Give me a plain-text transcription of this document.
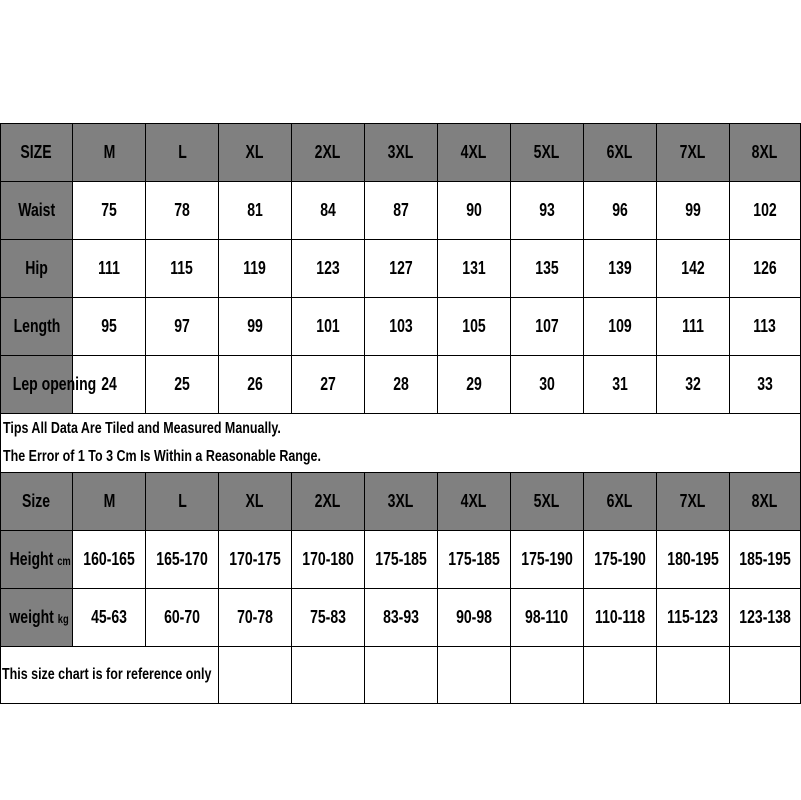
SIZE	M	L	XL	2XL	3XL	4XL	5XL	6XL	7XL	8XL
Waist	75	78	81	84	87	90	93	96	99	102
Hip	111	115	119	123	127	131	135	139	142	126
Length	95	97	99	101	103	105	107	109	111	113
Lep opening	24	25	26	27	28	29	30	31	32	33

Tips All Data Are Tiled and Measured Manually.
The Error of 1 To 3 Cm Is Within a Reasonable Range.										

Size	M	L	XL	2XL	3XL	4XL	5XL	6XL	7XL	8XL
Height cm	160-165	165-170	170-175	170-180	175-185	175-185	175-190	175-190	180-195	185-195
weight kg	45-63	60-70	70-78	75-83	83-93	90-98	98-110	110-118	115-123	123-138
This size chart is for reference only										
